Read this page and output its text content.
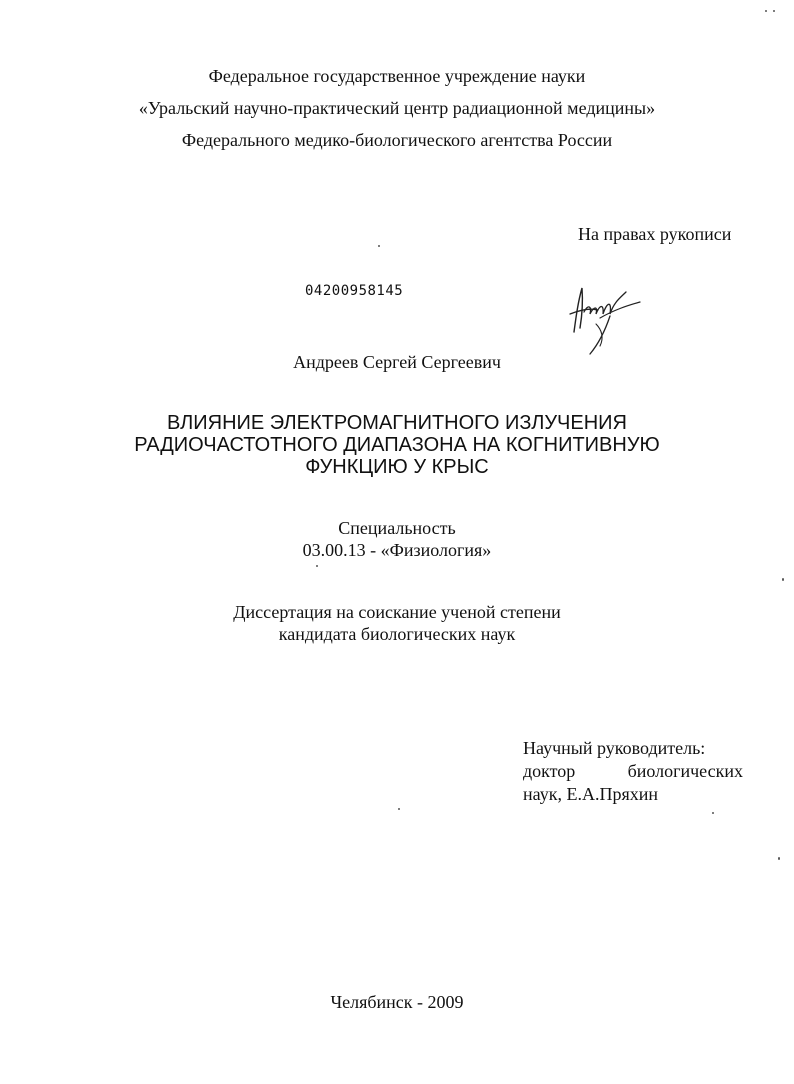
Федеральное государственное учреждение науки
«Уральский научно-практический центр радиационной медицины»
Федерального медико-биологического агентства России
На правах рукописи
04200958145
Андреев Сергей Сергеевич
ВЛИЯНИЕ ЭЛЕКТРОМАГНИТНОГО ИЗЛУЧЕНИЯ
РАДИОЧАСТОТНОГО ДИАПАЗОНА НА КОГНИТИВНУЮ
ФУНКЦИЮ У КРЫС
Специальность
03.00.13 - «Физиология»
Диссертация на соискание ученой степени
кандидата биологических наук
Научный руководитель:
доктор	биологических
наук, Е.А.Пряхин
Челябинск - 2009
